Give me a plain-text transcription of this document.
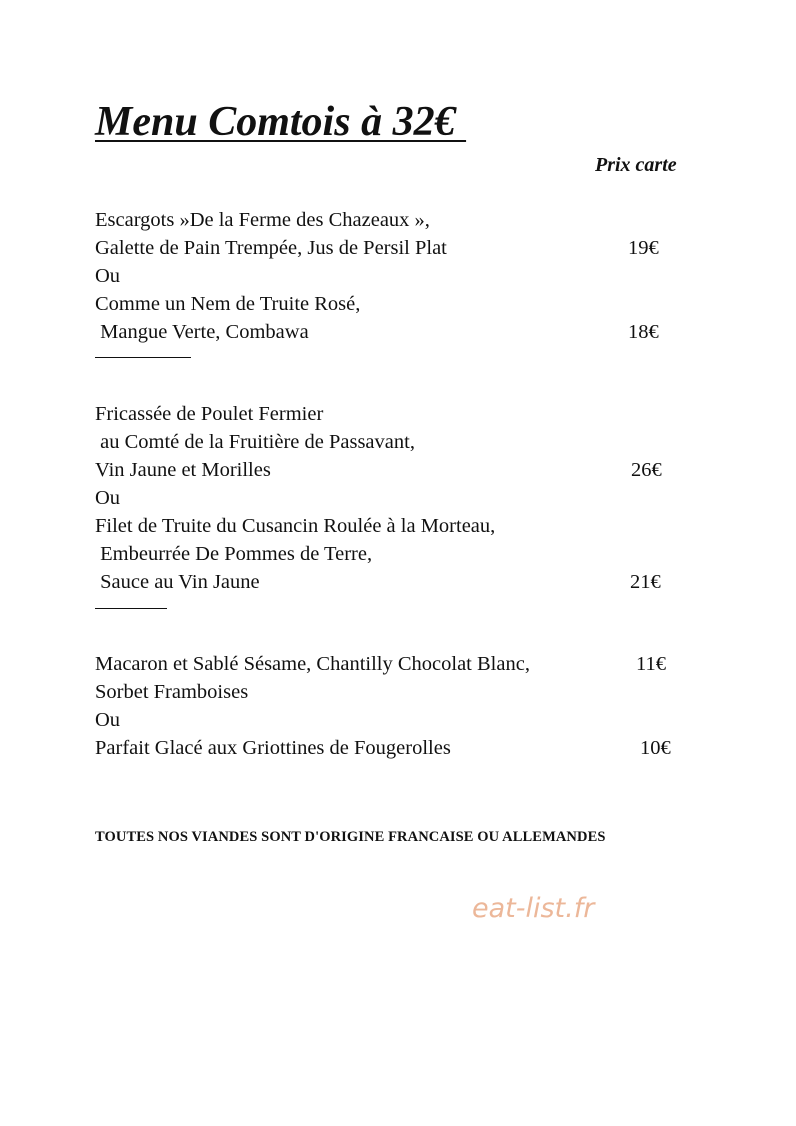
Menu Comtois à 32€
Prix carte
Escargots »De la Ferme des Chazeaux »,
Galette de Pain Trempée, Jus de Persil Plat	19€
Ou
Comme un Nem de Truite Rosé,
Mangue Verte, Combawa	18€
Fricassée de Poulet Fermier
au Comté de la Fruitière de Passavant,
Vin Jaune et Morilles	26€
Ou
Filet de Truite du Cusancin Roulée à la Morteau,
Embeurrée De Pommes de Terre,
Sauce au Vin Jaune	21€
Macaron et Sablé Sésame, Chantilly Chocolat Blanc,	11€
Sorbet Framboises
Ou
Parfait Glacé aux Griottines de Fougerolles	10€
TOUTES NOS VIANDES SONT D'ORIGINE FRANCAISE OU ALLEMANDES
eat-list.fr
